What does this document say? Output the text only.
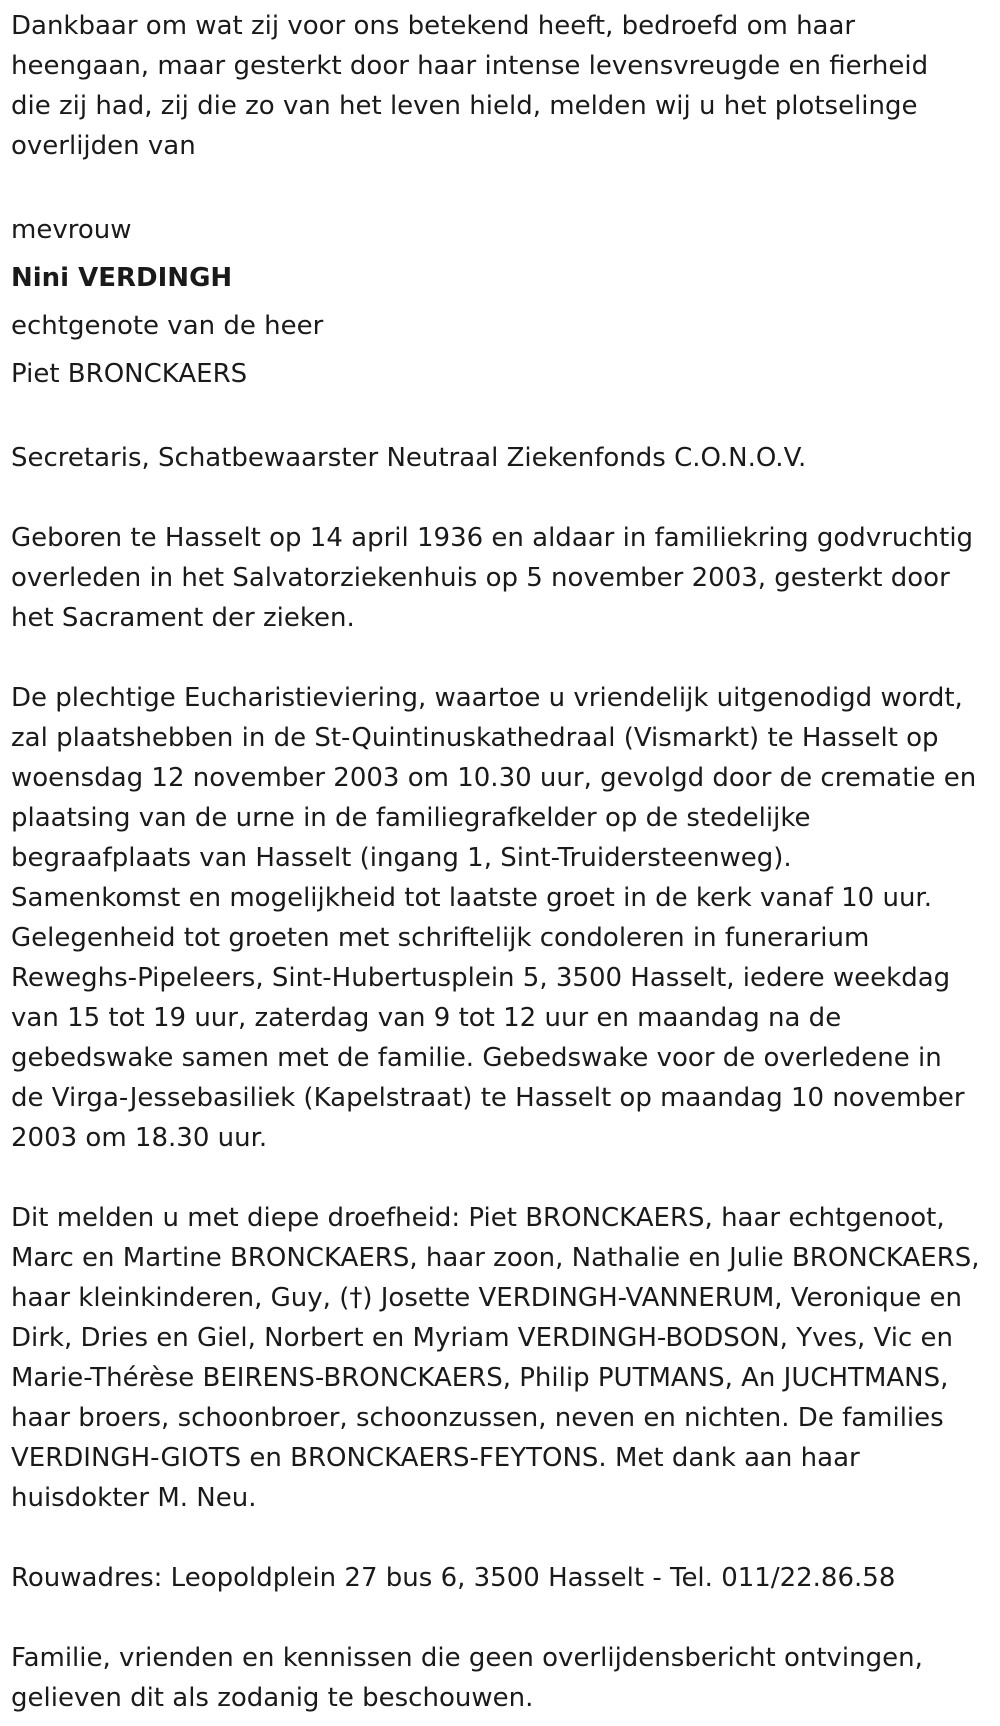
Dankbaar om wat zij voor ons betekend heeft, bedroefd om haar
heengaan, maar gesterkt door haar intense levensvreugde en fierheid
die zij had, zij die zo van het leven hield, melden wij u het plotselinge
overlijden van
mevrouw
Nini VERDINGH
echtgenote van de heer
Piet BRONCKAERS
Secretaris, Schatbewaarster Neutraal Ziekenfonds C.O.N.O.V.
Geboren te Hasselt op 14 april 1936 en aldaar in familiekring godvruchtig
overleden in het Salvatorziekenhuis op 5 november 2003, gesterkt door
het Sacrament der zieken.
De plechtige Eucharistieviering, waartoe u vriendelijk uitgenodigd wordt,
zal plaatshebben in de St-Quintinuskathedraal (Vismarkt) te Hasselt op
woensdag 12 november 2003 om 10.30 uur, gevolgd door de crematie en
plaatsing van de urne in de familiegrafkelder op de stedelijke
begraafplaats van Hasselt (ingang 1, Sint-Truidersteenweg).
Samenkomst en mogelijkheid tot laatste groet in de kerk vanaf 10 uur.
Gelegenheid tot groeten met schriftelijk condoleren in funerarium
Reweghs-Pipeleers, Sint-Hubertusplein 5, 3500 Hasselt, iedere weekdag
van 15 tot 19 uur, zaterdag van 9 tot 12 uur en maandag na de
gebedswake samen met de familie. Gebedswake voor de overledene in
de Virga-Jessebasiliek (Kapelstraat) te Hasselt op maandag 10 november
2003 om 18.30 uur.
Dit melden u met diepe droefheid: Piet BRONCKAERS, haar echtgenoot,
Marc en Martine BRONCKAERS, haar zoon, Nathalie en Julie BRONCKAERS,
haar kleinkinderen, Guy, (†) Josette VERDINGH-VANNERUM, Veronique en
Dirk, Dries en Giel, Norbert en Myriam VERDINGH-BODSON, Yves, Vic en
Marie-Thérèse BEIRENS-BRONCKAERS, Philip PUTMANS, An JUCHTMANS,
haar broers, schoonbroer, schoonzussen, neven en nichten. De families
VERDINGH-GIOTS en BRONCKAERS-FEYTONS. Met dank aan haar
huisdokter M. Neu.
Rouwadres: Leopoldplein 27 bus 6, 3500 Hasselt - Tel. 011/22.86.58
Familie, vrienden en kennissen die geen overlijdensbericht ontvingen,
gelieven dit als zodanig te beschouwen.
